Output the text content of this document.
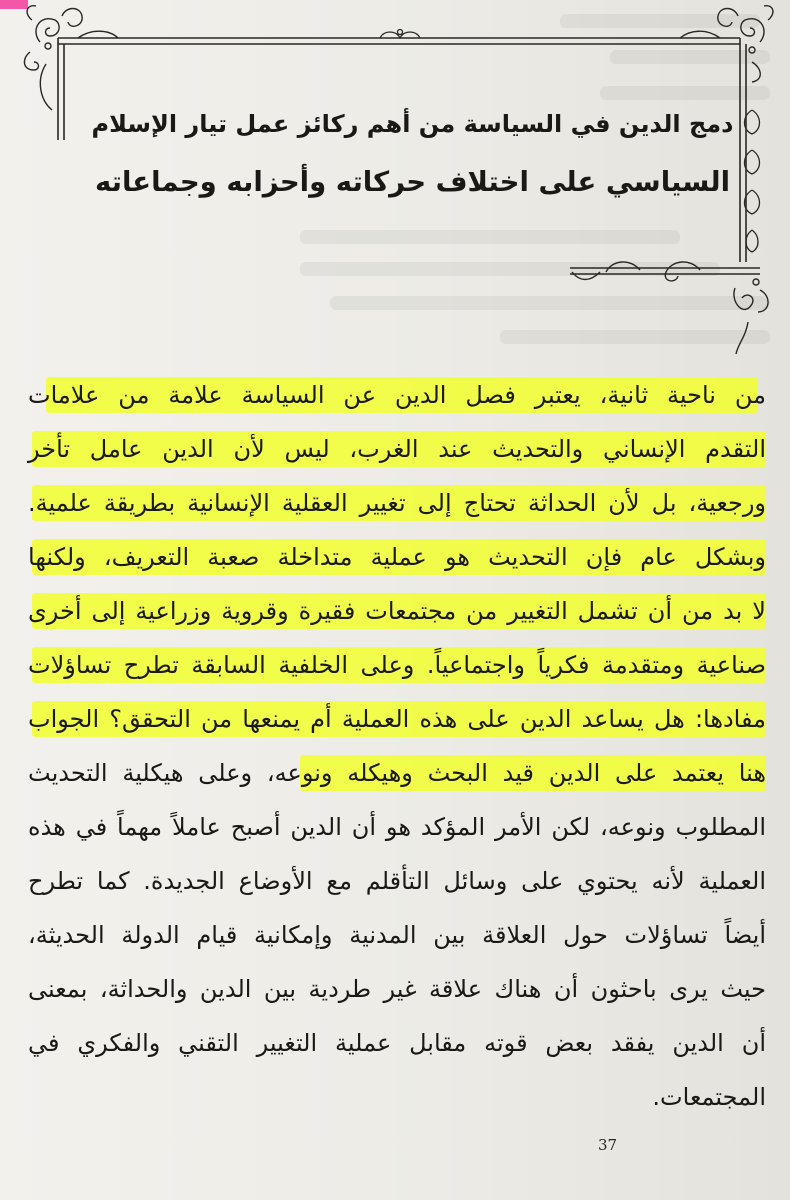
دمج الدين في السياسة من أهم ركائز عمل تيار الإسلام
السياسي على اختلاف حركاته وأحزابه وجماعاته
من ناحية ثانية، يعتبر فصل الدين عن السياسة علامة من علامات
التقدم الإنساني والتحديث عند الغرب، ليس لأن الدين عامل تأخر
ورجعية، بل لأن الحداثة تحتاج إلى تغيير العقلية الإنسانية بطريقة علمية.
وبشكل عام فإن التحديث هو عملية متداخلة صعبة التعريف، ولكنها
لا بد من أن تشمل التغيير من مجتمعات فقيرة وقروية وزراعية إلى أخرى
صناعية ومتقدمة فكرياً واجتماعياً. وعلى الخلفية السابقة تطرح تساؤلات
مفادها: هل يساعد الدين على هذه العملية أم يمنعها من التحقق؟ الجواب
هنا يعتمد على الدين قيد البحث وهيكله ونوعه، وعلى هيكلية التحديث
المطلوب ونوعه، لكن الأمر المؤكد هو أن الدين أصبح عاملاً مهماً في هذه
العملية لأنه يحتوي على وسائل التأقلم مع الأوضاع الجديدة. كما تطرح
أيضاً تساؤلات حول العلاقة بين المدنية وإمكانية قيام الدولة الحديثة،
حيث يرى باحثون أن هناك علاقة غير طردية بين الدين والحداثة، بمعنى
أن الدين يفقد بعض قوته مقابل عملية التغيير التقني والفكري في
المجتمعات.
37
